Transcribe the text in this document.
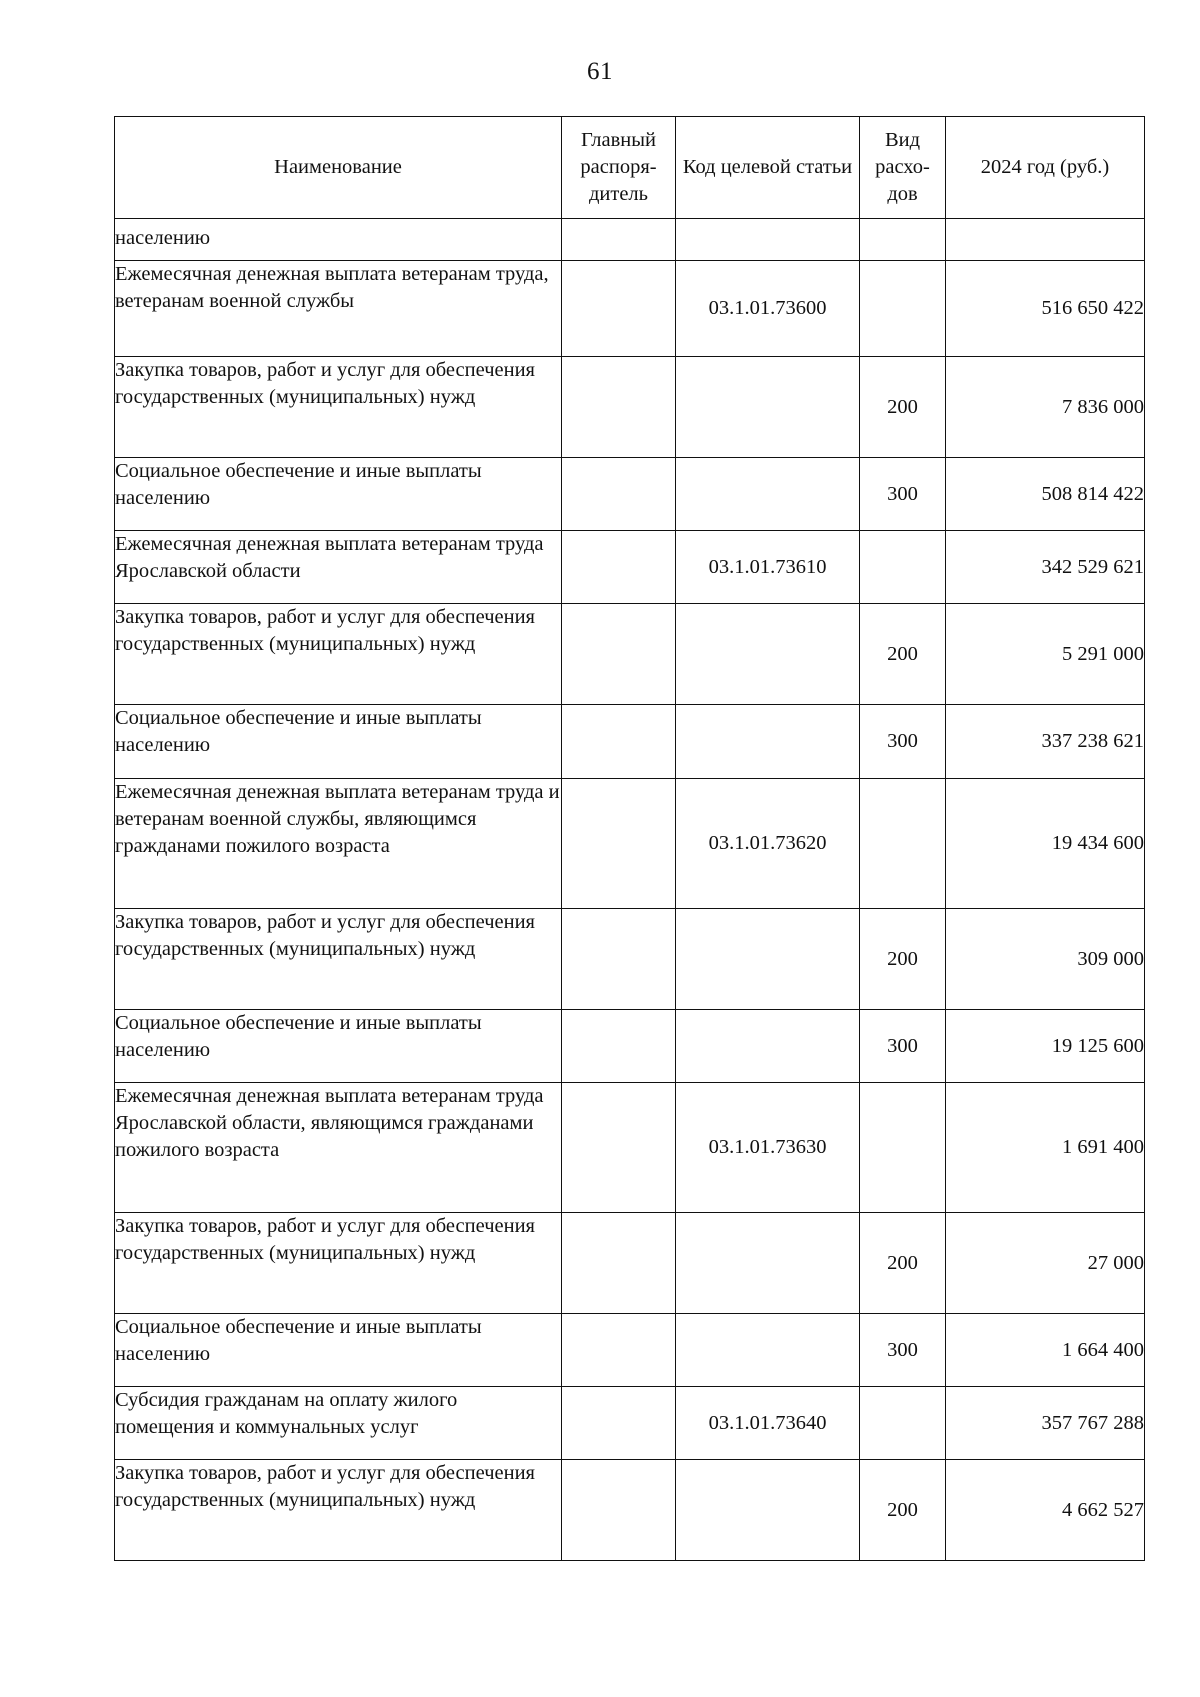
61
Наименование	Главный распоря-дитель	Код целевой статьи	Вид расхо-дов	2024 год (руб.)
населению				
Ежемесячная денежная выплата ветеранам труда, ветеранам военной службы		03.1.01.73600		516 650 422
Закупка товаров, работ и услуг для обеспечения государственных (муниципальных) нужд			200	7 836 000
Социальное обеспечение и иные выплаты населению			300	508 814 422
Ежемесячная денежная выплата ветеранам труда Ярославской области		03.1.01.73610		342 529 621
Закупка товаров, работ и услуг для обеспечения государственных (муниципальных) нужд			200	5 291 000
Социальное обеспечение и иные выплаты населению			300	337 238 621
Ежемесячная денежная выплата ветеранам труда и ветеранам военной службы, являющимся гражданами пожилого возраста		03.1.01.73620		19 434 600
Закупка товаров, работ и услуг для обеспечения государственных (муниципальных) нужд			200	309 000
Социальное обеспечение и иные выплаты населению			300	19 125 600
Ежемесячная денежная выплата ветеранам труда Ярославской области, являющимся гражданами пожилого возраста		03.1.01.73630		1 691 400
Закупка товаров, работ и услуг для обеспечения государственных (муниципальных) нужд			200	27 000
Социальное обеспечение и иные выплаты населению			300	1 664 400
Субсидия гражданам на оплату жилого помещения и коммунальных услуг		03.1.01.73640		357 767 288
Закупка товаров, работ и услуг для обеспечения государственных (муниципальных) нужд			200	4 662 527
